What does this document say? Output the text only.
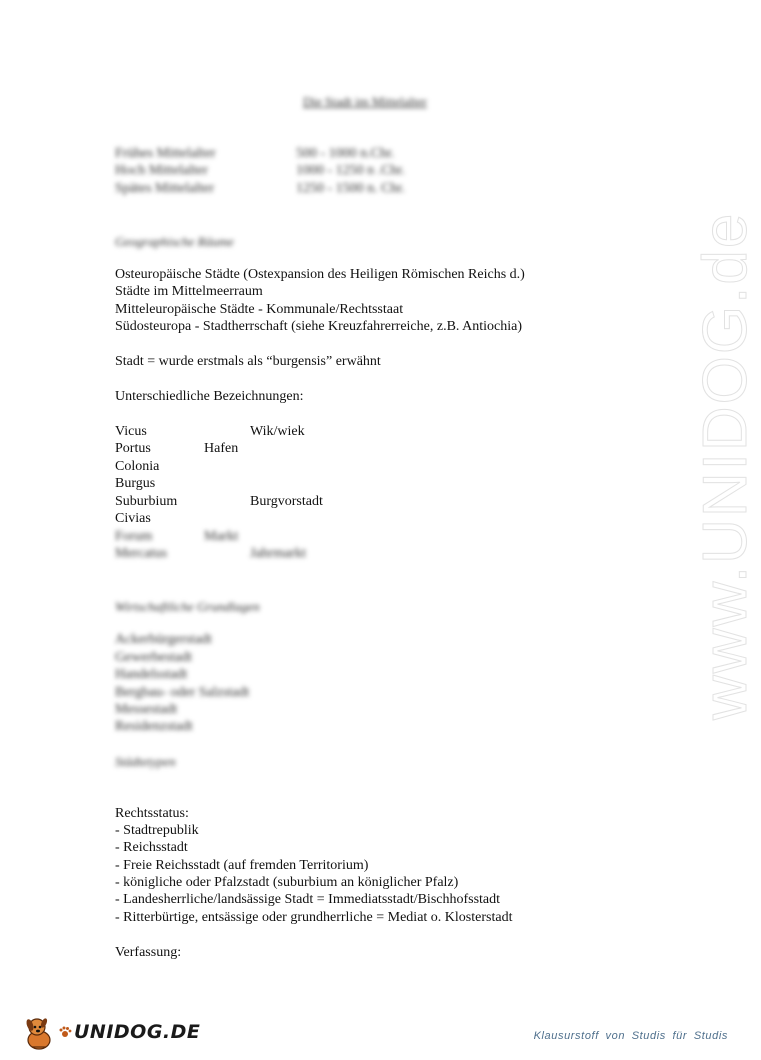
Die Stadt im Mittelalter
Frühes Mittelalter	500 - 1000 n.Chr.
Hoch Mittelalter	1000 - 1250 n .Chr.
Spätes Mittelalter	1250 - 1500 n. Chr.
Geographische Räume
Osteuropäische Städte (Ostexpansion des Heiligen Römischen Reichs d.)
Städte im Mittelmeerraum
Mitteleuropäische Städte - Kommunale/Rechtsstaat
Südosteuropa - Stadtherrschaft (siehe Kreuzfahrerreiche, z.B. Antiochia)
Stadt = wurde erstmals als “burgensis” erwähnt
Unterschiedliche Bezeichnungen:
Vicus	Wik/wiek
Portus	Hafen
Colonia
Burgus
Suburbium	Burgvorstadt
Civias
Forum	Markt
Mercatus	Jahrmarkt
Wirtschaftliche Grundlagen
Ackerbürgerstadt
Gewerbestadt
Handelsstadt
Bergbau- oder Salzstadt
Messestadt
Residenzstadt
Städtetypen
Rechtsstatus:
- Stadtrepublik
- Reichsstadt
- Freie Reichsstadt (auf fremden Territorium)
- königliche oder Pfalzstadt (suburbium an königlicher Pfalz)
- Landesherrliche/landsässige Stadt = Immediatsstadt/Bischhofsstadt
- Ritterbürtige, entsässige oder grundherrliche = Mediat o. Klosterstadt
Verfassung:
www.UNIDOG.de
UNIDOG.DE	Klausurstoff von Studis für Studis
